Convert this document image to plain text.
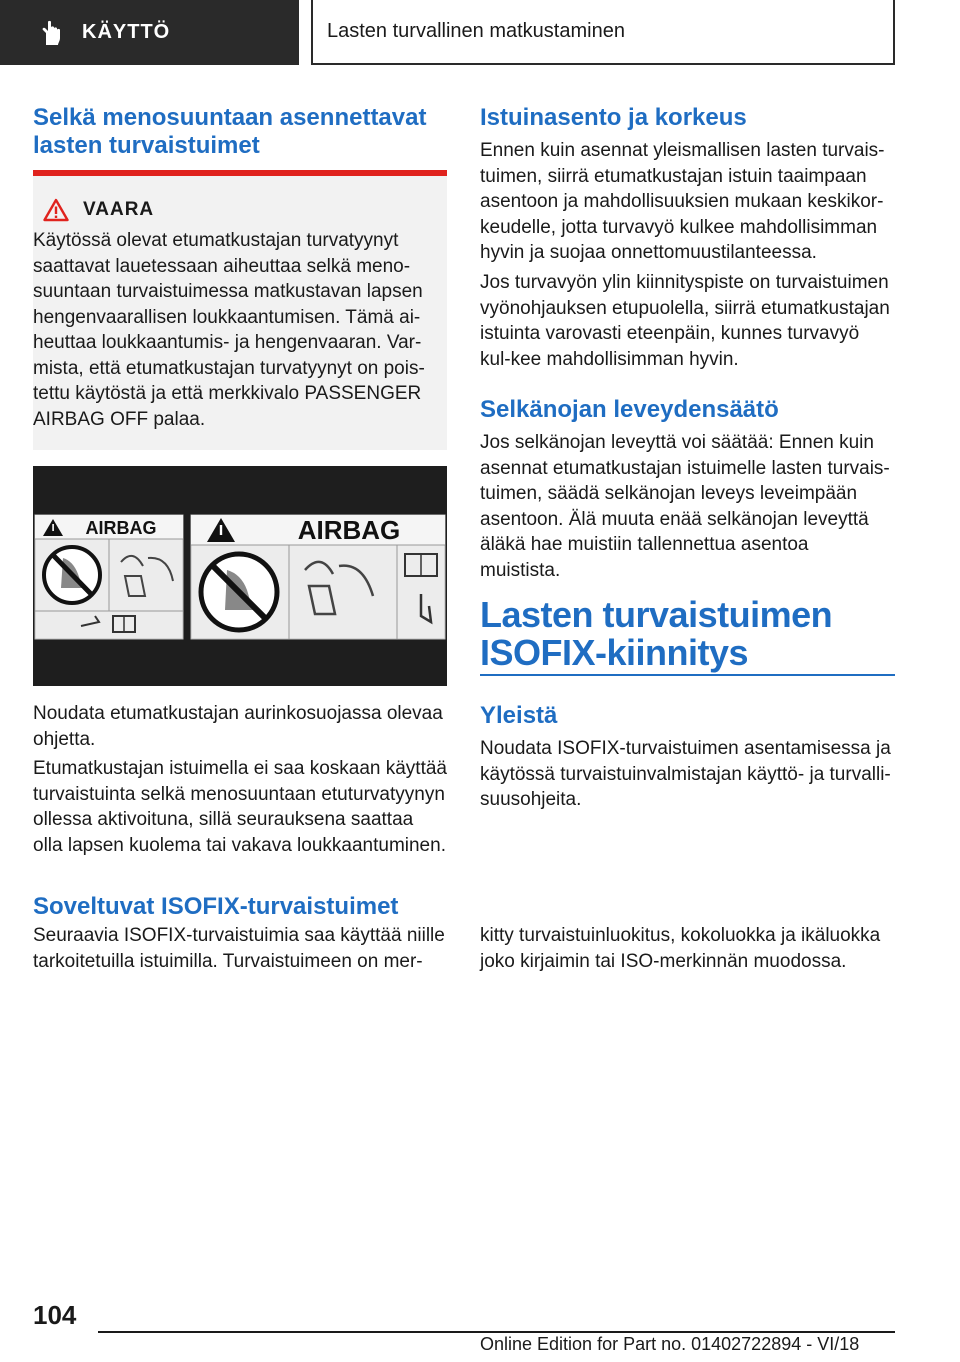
KÄYTTÖ	Lasten turvallinen matkustaminen
Selkä menosuuntaan asennettavat lasten turvaistuimet
VAARA

Käytössä olevat etumatkustajan turvatyynyt saattavat lauetessaan aiheuttaa selkä meno-suuntaan turvaistuimessa matkustavan lapsen hengenvaarallisen loukkaantumisen. Tämä ai-heuttaa loukkaantumis- ja hengenvaaran. Var-mista, että etumatkustajan turvatyynyt on pois-tettu käytöstä ja että merkkivalo PASSENGER AIRBAG OFF palaa.

AIRBAG	AIRBAG

Noudata etumatkustajan aurinkosuojassa olevaa ohjetta.

Etumatkustajan istuimella ei saa koskaan käyttää turvaistuinta selkä menosuuntaan etuturvatyynyn ollessa aktivoituna, sillä seurauksena saattaa olla lapsen kuolema tai vakava loukkaantuminen.

Soveltuvat ISOFIX-turvaistuimet

Seuraavia ISOFIX-turvaistuimia saa käyttää niille tarkoitetuilla istuimilla. Turvaistuimeen on mer-

Istuinasento ja korkeus

Ennen kuin asennat yleismallisen lasten turvais-tuimen, siirrä etumatkustajan istuin taaimpaan asentoon ja mahdollisuuksien mukaan keskikor-keudelle, jotta turvavyö kulkee mahdollisimman hyvin ja suojaa onnettomuustilanteessa.

Jos turvavyön ylin kiinnityspiste on turvaistuimen vyönohjauksen etupuolella, siirrä etumatkustajan istuinta varovasti eteenpäin, kunnes turvavyö kul-kee mahdollisimman hyvin.

Selkänojan leveydensäätö

Jos selkänojan leveyttä voi säätää: Ennen kuin asennat etumatkustajan istuimelle lasten turvais-tuimen, säädä selkänojan leveys leveimpään asentoon. Älä muuta enää selkänojan leveyttä äläkä hae muistiin tallennettua asentoa muistista.

Lasten turvaistuimen
ISOFIX-kiinnitys
Yleistä

Noudata ISOFIX-turvaistuimen asentamisessa ja käytössä turvaistuinvalmistajan käyttö- ja turvalli-suusohjeita.

kitty turvaistuinluokitus, kokoluokka ja ikäluokka joko kirjaimin tai ISO-merkinnän muodossa.

104
Online Edition for Part no. 01402722894 - VI/18
